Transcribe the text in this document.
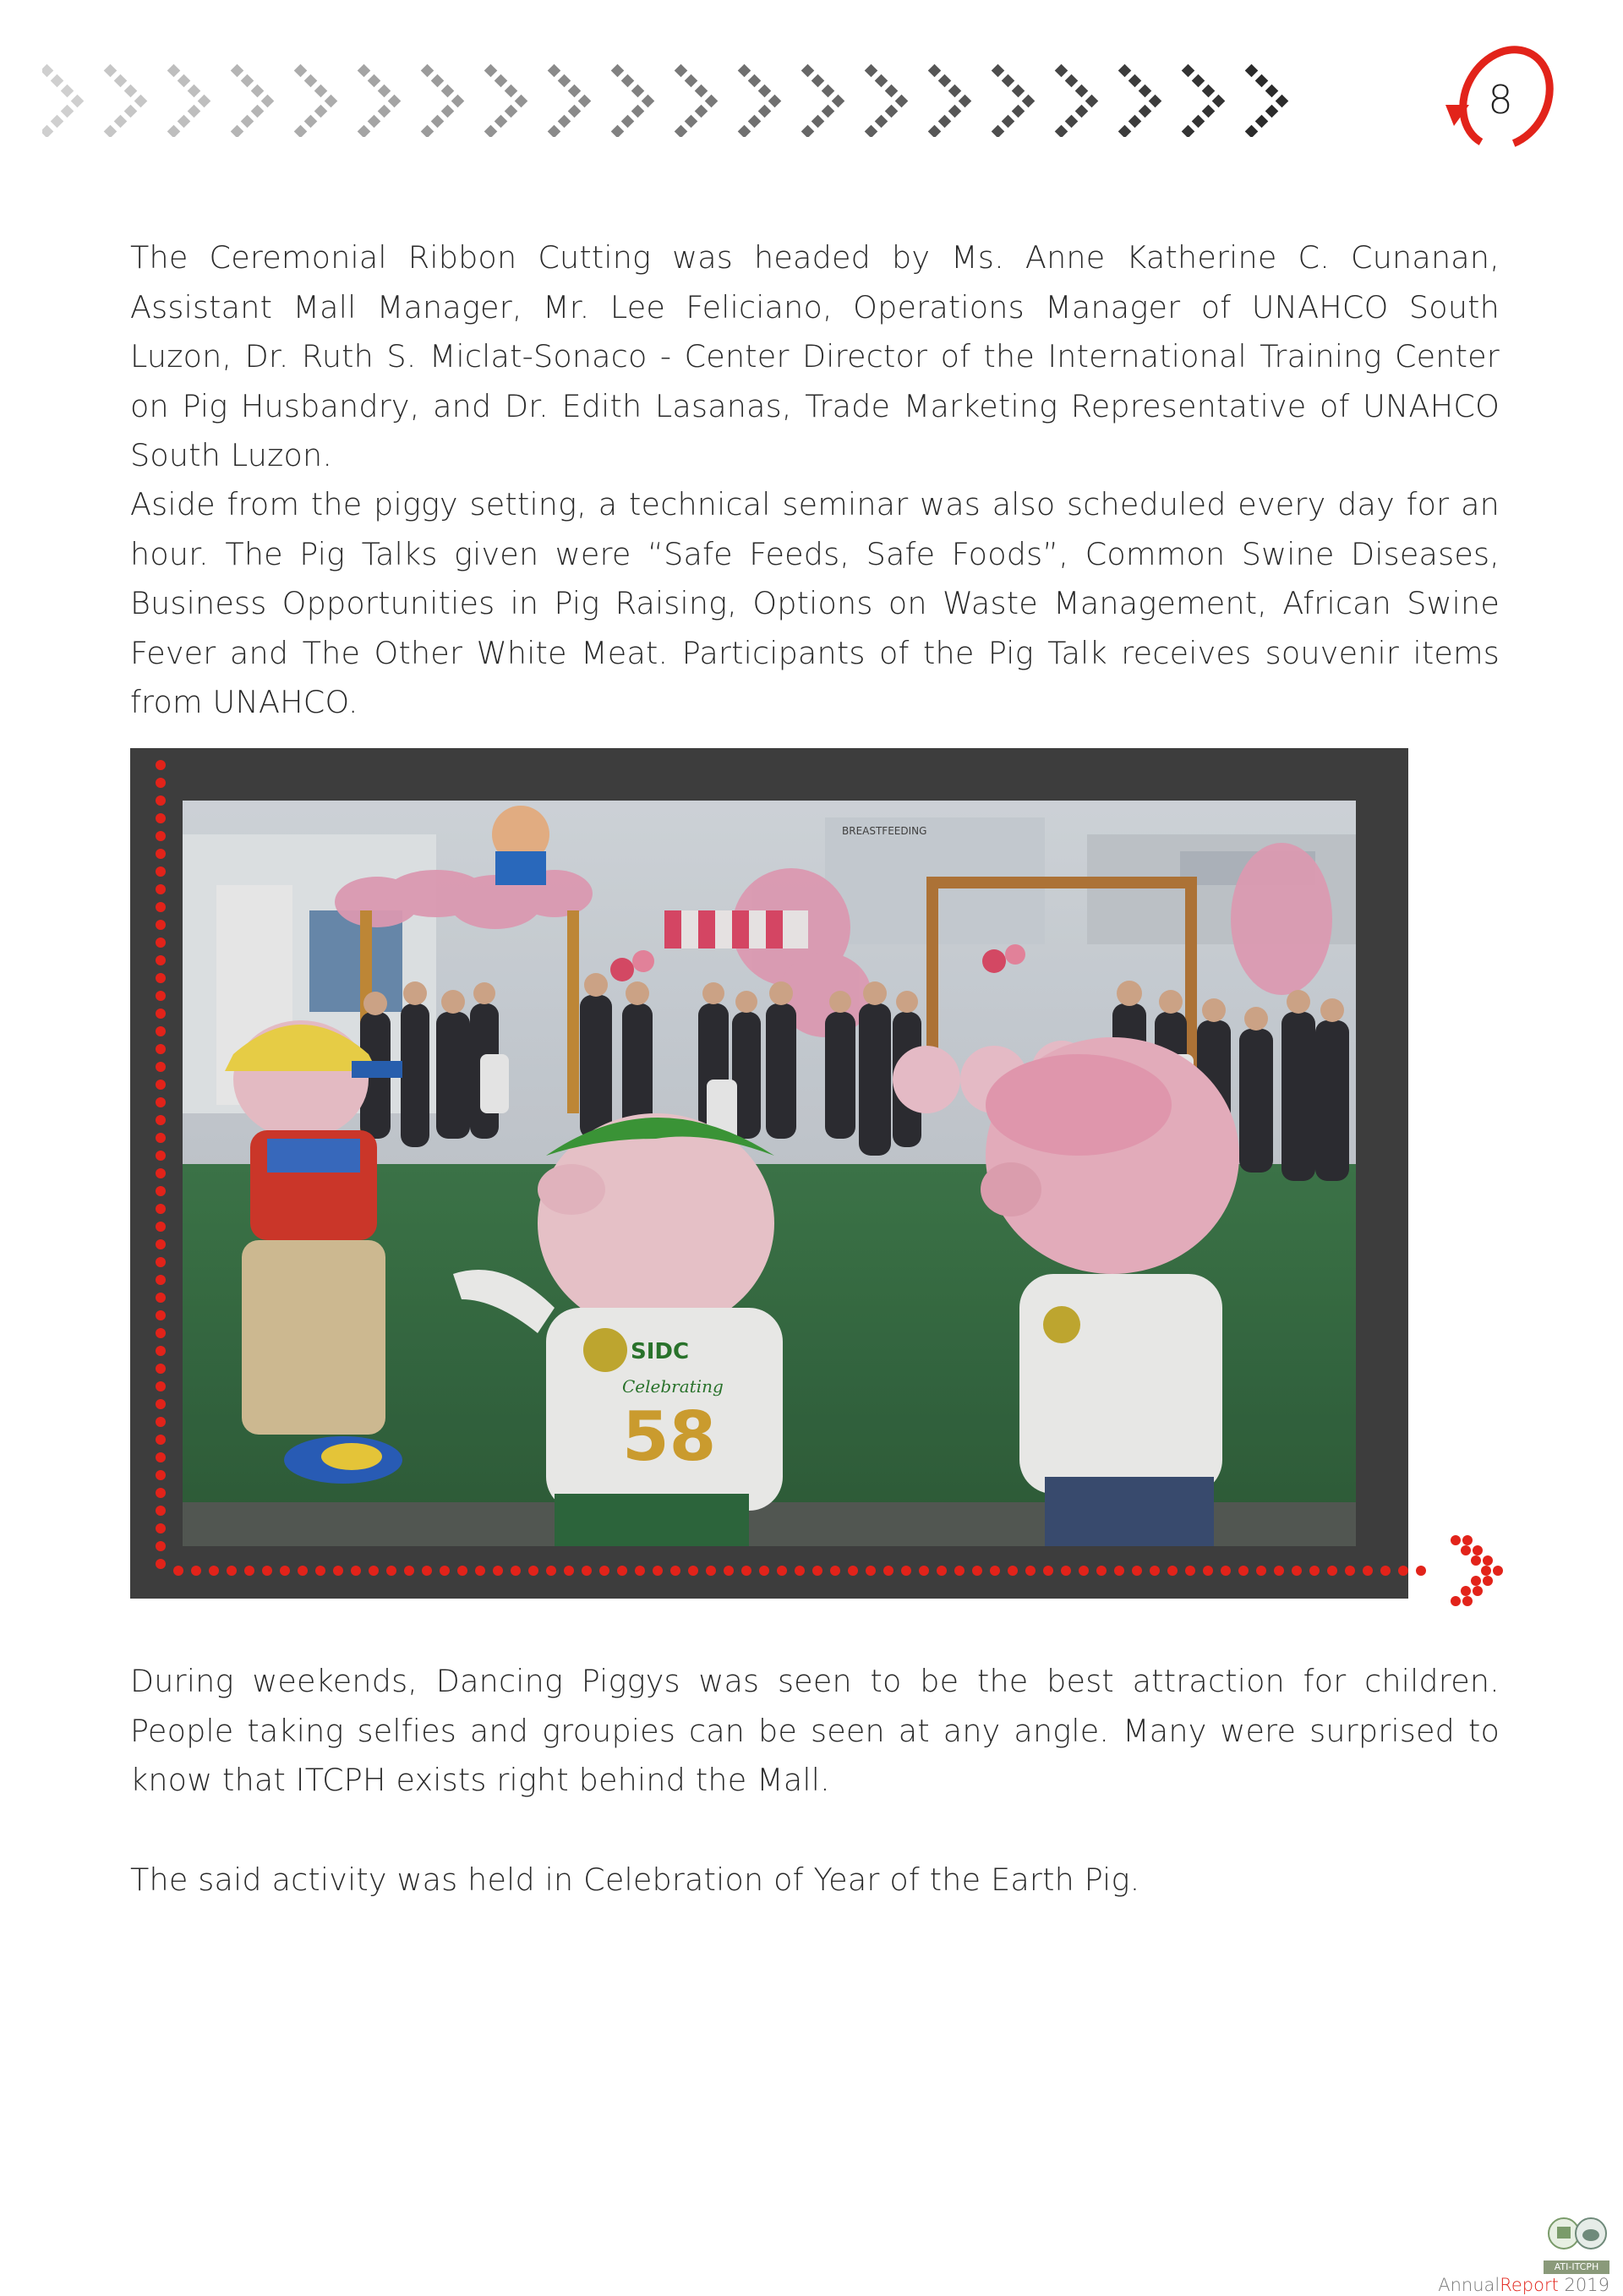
8

The Ceremonial Ribbon Cutting was headed by Ms. Anne Katherine C. Cunanan, Assistant Mall Manager, Mr. Lee Feliciano, Operations Manager of UNAHCO South Luzon, Dr. Ruth S. Miclat-Sonaco - Center Director of the International Training Center on Pig Husbandry, and Dr. Edith Lasanas, Trade Marketing Representative of UNAHCO South Luzon.

Aside from the piggy setting, a technical seminar was also scheduled every day for an hour. The Pig Talks given were “Safe Feeds, Safe Foods”, Common Swine Diseases, Business Opportunities in Pig Raising, Options on Waste Management, African Swine Fever and The Other White Meat. Participants of the Pig Talk receives souvenir items from UNAHCO.

BREASTFEEDING
SIDC
Celebrating
58

During weekends, Dancing Piggys was seen to be the best attraction for children. People taking selfies and groupies can be seen at any angle. Many were surprised to know that ITCPH exists right behind the Mall.

The said activity was held in Celebration of Year of the Earth Pig.

ATI-ITCPH
AnnualReport 2019
